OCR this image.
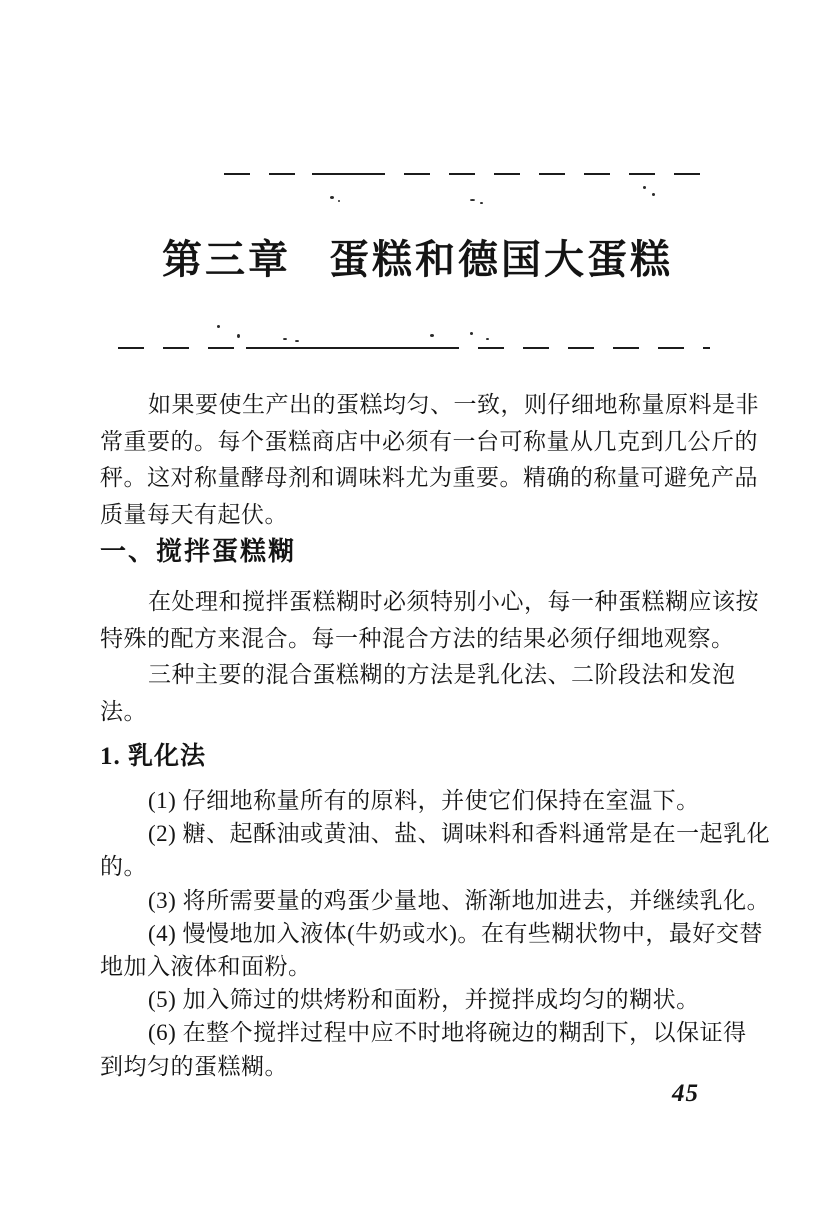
第三章 蛋糕和德国大蛋糕
如果要使生产出的蛋糕均匀、一致，则仔细地称量原料是非
常重要的。每个蛋糕商店中必须有一台可称量从几克到几公斤的
秤。这对称量酵母剂和调味料尤为重要。精确的称量可避免产品
质量每天有起伏。
一、搅拌蛋糕糊
在处理和搅拌蛋糕糊时必须特别小心，每一种蛋糕糊应该按
特殊的配方来混合。每一种混合方法的结果必须仔细地观察。
三种主要的混合蛋糕糊的方法是乳化法、二阶段法和发泡
法。
1. 乳化法
(1) 仔细地称量所有的原料，并使它们保持在室温下。
(2) 糖、起酥油或黄油、盐、调味料和香料通常是在一起乳化
的。
(3) 将所需要量的鸡蛋少量地、渐渐地加进去，并继续乳化。
(4) 慢慢地加入液体(牛奶或水)。在有些糊状物中，最好交替
地加入液体和面粉。
(5) 加入筛过的烘烤粉和面粉，并搅拌成均匀的糊状。
(6) 在整个搅拌过程中应不时地将碗边的糊刮下，以保证得
到均匀的蛋糕糊。
45
